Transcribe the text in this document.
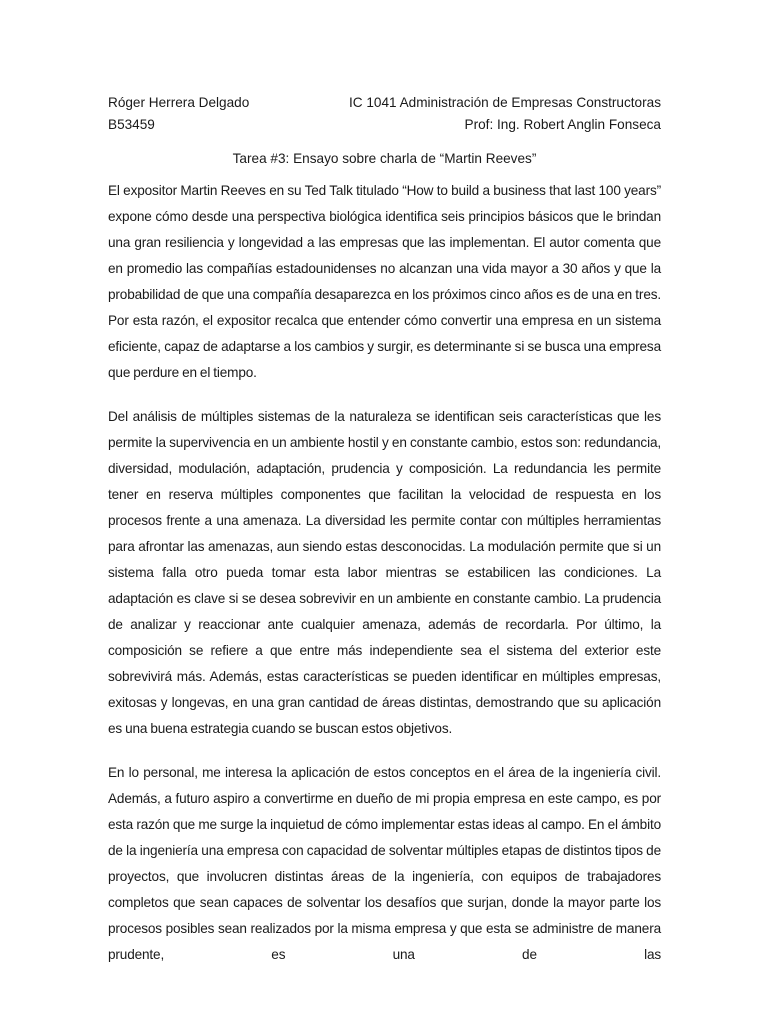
Róger Herrera Delgado	IC 1041 Administración de Empresas Constructoras
B53459	Prof: Ing. Robert Anglin Fonseca
Tarea #3: Ensayo sobre charla de “Martin Reeves”

El expositor Martin Reeves en su Ted Talk titulado “How to build a business that last 100 years” expone cómo desde una perspectiva biológica identifica seis principios básicos que le brindan una gran resiliencia y longevidad a las empresas que las implementan. El autor comenta que en promedio las compañías estadounidenses no alcanzan una vida mayor a 30 años y que la probabilidad de que una compañía desaparezca en los próximos cinco años es de una en tres. Por esta razón, el expositor recalca que entender cómo convertir una empresa en un sistema eficiente, capaz de adaptarse a los cambios y surgir, es determinante si se busca una empresa que perdure en el tiempo.

Del análisis de múltiples sistemas de la naturaleza se identifican seis características que les permite la supervivencia en un ambiente hostil y en constante cambio, estos son: redundancia, diversidad, modulación, adaptación, prudencia y composición. La redundancia les permite tener en reserva múltiples componentes que facilitan la velocidad de respuesta en los procesos frente a una amenaza. La diversidad les permite contar con múltiples herramientas para afrontar las amenazas, aun siendo estas desconocidas. La modulación permite que si un sistema falla otro pueda tomar esta labor mientras se estabilicen las condiciones. La adaptación es clave si se desea sobrevivir en un ambiente en constante cambio. La prudencia de analizar y reaccionar ante cualquier amenaza, además de recordarla. Por último, la composición se refiere a que entre más independiente sea el sistema del exterior este sobrevivirá más. Además, estas características se pueden identificar en múltiples empresas, exitosas y longevas, en una gran cantidad de áreas distintas, demostrando que su aplicación es una buena estrategia cuando se buscan estos objetivos.

En lo personal, me interesa la aplicación de estos conceptos en el área de la ingeniería civil. Además, a futuro aspiro a convertirme en dueño de mi propia empresa en este campo, es por esta razón que me surge la inquietud de cómo implementar estas ideas al campo. En el ámbito de la ingeniería una empresa con capacidad de solventar múltiples etapas de distintos tipos de proyectos, que involucren distintas áreas de la ingeniería, con equipos de trabajadores completos que sean capaces de solventar los desafíos que surjan, donde la mayor parte los procesos posibles sean realizados por la misma empresa y que esta se administre de manera prudente, es una de las
